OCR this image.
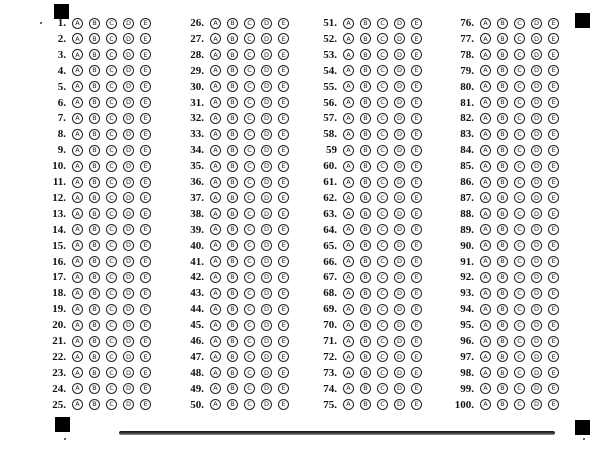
1.	A	B	C	D	E
2.	A	B	C	D	E
3.	A	B	C	D	E
4.	A	B	C	D	E
5.	A	B	C	D	E
6.	A	B	C	D	E
7.	A	B	C	D	E
8.	A	B	C	D	E
9.	A	B	C	D	E
10.	A	B	C	D	E
11.	A	B	C	D	E
12.	A	B	C	D	E
13.	A	B	C	D	E
14.	A	B	C	D	E
15.	A	B	C	D	E
16.	A	B	C	D	E
17.	A	B	C	D	E
18.	A	B	C	D	E
19.	A	B	C	D	E
20.	A	B	C	D	E
21.	A	B	C	D	E
22.	A	B	C	D	E
23.	A	B	C	D	E
24.	A	B	C	D	E
25.	A	B	C	D	E
26.	A	B	C	D	E
27.	A	B	C	D	E
28.	A	B	C	D	E
29.	A	B	C	D	E
30.	A	B	C	D	E
31.	A	B	C	D	E
32.	A	B	C	D	E
33.	A	B	C	D	E
34.	A	B	C	D	E
35.	A	B	C	D	E
36.	A	B	C	D	E
37.	A	B	C	D	E
38.	A	B	C	D	E
39.	A	B	C	D	E
40.	A	B	C	D	E
41.	A	B	C	D	E
42.	A	B	C	D	E
43.	A	B	C	D	E
44.	A	B	C	D	E
45.	A	B	C	D	E
46.	A	B	C	D	E
47.	A	B	C	D	E
48.	A	B	C	D	E
49.	A	B	C	D	E
50.	A	B	C	D	E
51.	A	B	C	D	E
52.	A	B	C	D	E
53.	A	B	C	D	E
54.	A	B	C	D	E
55.	A	B	C	D	E
56.	A	B	C	D	E
57.	A	B	C	D	E
58.	A	B	C	D	E
59	A	B	C	D	E
60.	A	B	C	D	E
61.	A	B	C	D	E
62.	A	B	C	D	E
63.	A	B	C	D	E
64.	A	B	C	D	E
65.	A	B	C	D	E
66.	A	B	C	D	E
67.	A	B	C	D	E
68.	A	B	C	D	E
69.	A	B	C	D	E
70.	A	B	C	D	E
71.	A	B	C	D	E
72.	A	B	C	D	E
73.	A	B	C	D	E
74.	A	B	C	D	E
75.	A	B	C	D	E
76.	A	B	C	D	E
77.	A	B	C	D	E
78.	A	B	C	D	E
79.	A	B	C	D	E
80.	A	B	C	D	E
81.	A	B	C	D	E
82.	A	B	C	D	E
83.	A	B	C	D	E
84.	A	B	C	D	E
85.	A	B	C	D	E
86.	A	B	C	D	E
87.	A	B	C	D	E
88.	A	B	C	D	E
89.	A	B	C	D	E
90.	A	B	C	D	E
91.	A	B	C	D	E
92.	A	B	C	D	E
93.	A	B	C	D	E
94.	A	B	C	D	E
95.	A	B	C	D	E
96.	A	B	C	D	E
97.	A	B	C	D	E
98.	A	B	C	D	E
99.	A	B	C	D	E
100.	A	B	C	D	E
